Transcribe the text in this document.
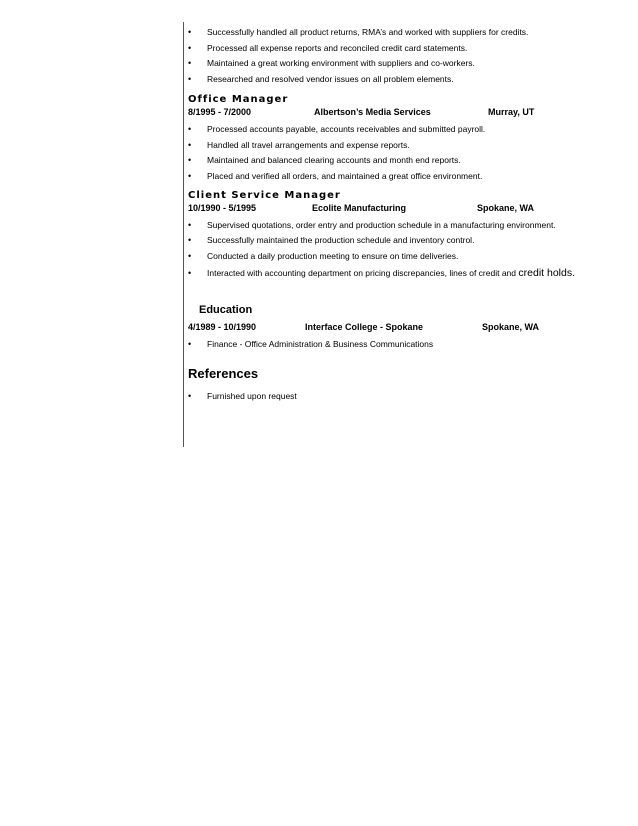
• Successfully handled all product returns, RMA’s and worked with suppliers for credits.
• Processed all expense reports and reconciled credit card statements.
• Maintained a great working environment with suppliers and co-workers.
• Researched and resolved vendor issues on all problem elements.
Office Manager
8/1995 - 7/2000	Albertson’s Media Services	Murray, UT
• Processed accounts payable, accounts receivables and submitted payroll.
• Handled all travel arrangements and expense reports.
• Maintained and balanced clearing accounts and month end reports.
• Placed and verified all orders, and maintained a great office environment.
Client Service Manager
10/1990 - 5/1995	Ecolite Manufacturing	Spokane, WA
• Supervised quotations, order entry and production schedule in a manufacturing environment.
• Successfully maintained the production schedule and inventory control.
• Conducted a daily production meeting to ensure on time deliveries.
• Interacted with accounting department on pricing discrepancies, lines of credit and credit holds.
Education
4/1989 - 10/1990	Interface College - Spokane	Spokane, WA
• Finance - Office Administration & Business Communications
References
• Furnished upon request
